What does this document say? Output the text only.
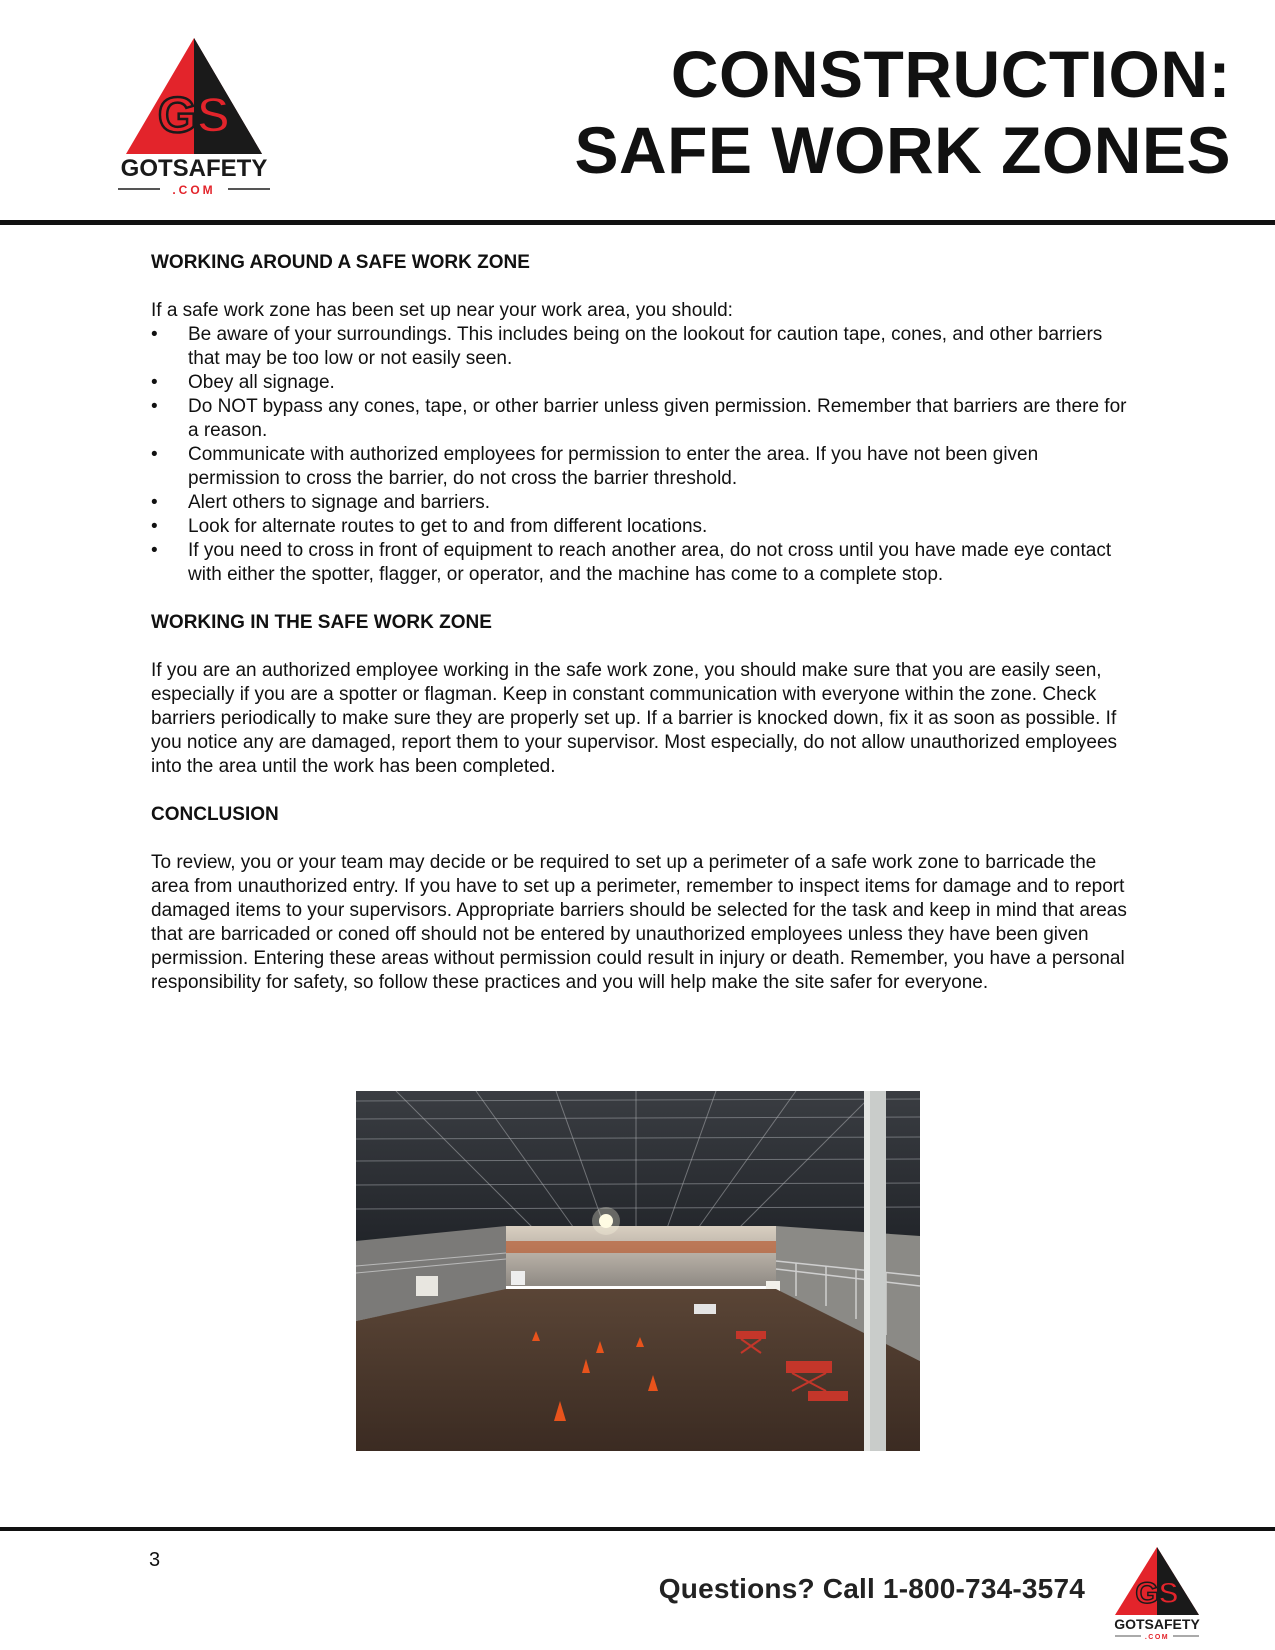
GS
GOTSAFETY
.COM
CONSTRUCTION:
SAFE WORK ZONES

WORKING AROUND A SAFE WORK ZONE

If a safe work zone has been set up near your work area, you should:

• Be aware of your surroundings. This includes being on the lookout for caution tape, cones, and other barriers that may be too low or not easily seen.
• Obey all signage.
• Do NOT bypass any cones, tape, or other barrier unless given permission. Remember that barriers are there for a reason.
• Communicate with authorized employees for permission to enter the area. If you have not been given permission to cross the barrier, do not cross the barrier threshold.
• Alert others to signage and barriers.
• Look for alternate routes to get to and from different locations.
• If you need to cross in front of equipment to reach another area, do not cross until you have made eye contact with either the spotter, flagger, or operator, and the machine has come to a complete stop.

WORKING IN THE SAFE WORK ZONE

If you are an authorized employee working in the safe work zone, you should make sure that you are easily seen, especially if you are a spotter or flagman. Keep in constant communication with everyone within the zone. Check barriers periodically to make sure they are properly set up. If a barrier is knocked down, fix it as soon as possible. If you notice any are damaged, report them to your supervisor. Most especially, do not allow unauthorized employees into the area until the work has been completed.

CONCLUSION

To review, you or your team may decide or be required to set up a perimeter of a safe work zone to barricade the area from unauthorized entry. If you have to set up a perimeter, remember to inspect items for damage and to report damaged items to your supervisors. Appropriate barriers should be selected for the task and keep in mind that areas that are barricaded or coned off should not be entered by unauthorized employees unless they have been given permission. Entering these areas without permission could result in injury or death. Remember, you have a personal responsibility for safety, so follow these practices and you will help make the site safer for everyone.

3
Questions? Call 1-800-734-3574 GS
GOTSAFETY
.COM
